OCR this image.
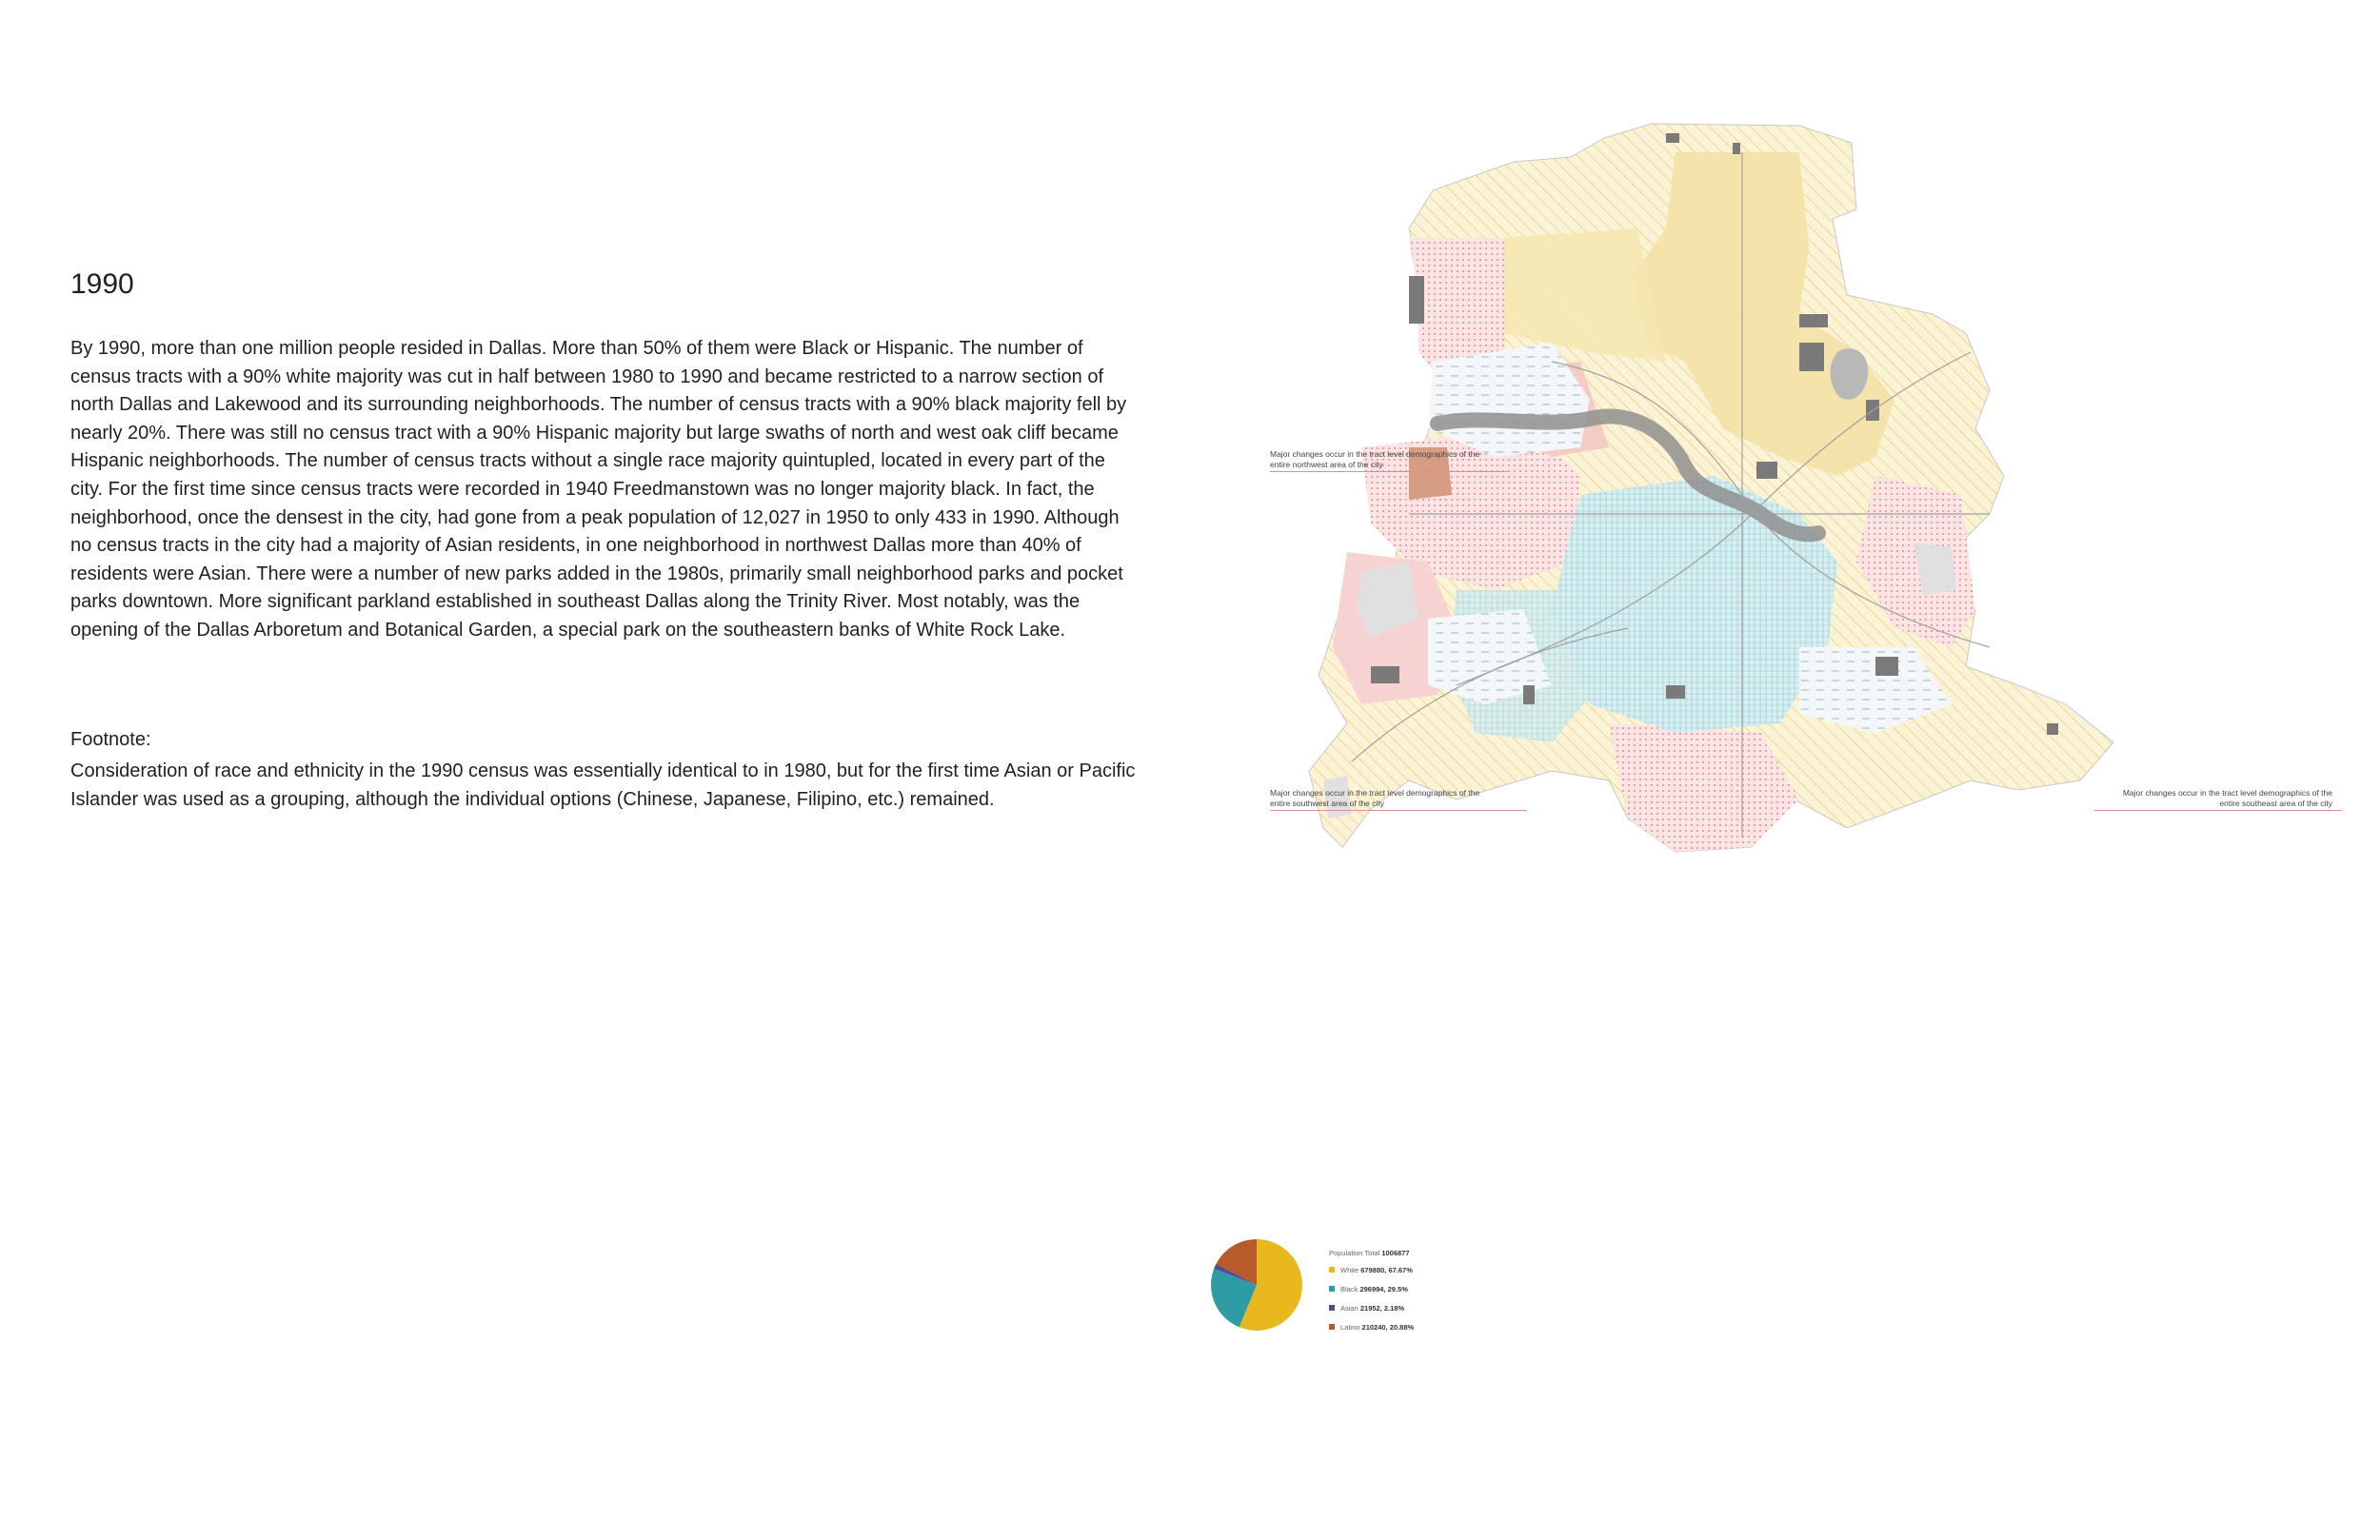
1990

By 1990, more than one million people resided in Dallas. More than 50% of them were Black or Hispanic. The number of census tracts with a 90% white majority was cut in half between 1980 to 1990 and became restricted to a narrow section of north Dallas and Lakewood and its surrounding neighborhoods. The number of census tracts with a 90% black majority fell by nearly 20%. There was still no census tract with a 90% Hispanic majority but large swaths of north and west oak cliff became Hispanic neighborhoods. The number of census tracts without a single race majority quintupled, located in every part of the city. For the first time since census tracts were recorded in 1940 Freedmanstown was no longer majority black. In fact, the neighborhood, once the densest in the city, had gone from a peak population of 12,027 in 1950 to only 433 in 1990. Although no census tracts in the city had a majority of Asian residents, in one neighborhood in northwest Dallas more than 40% of residents were Asian. There were a number of new parks added in the 1980s, primarily small neighborhood parks and pocket parks downtown. More significant parkland established in southeast Dallas along the Trinity River. Most notably, was the opening of the Dallas Arboretum and Botanical Garden, a special park on the southeastern banks of White Rock Lake.

Footnote:

Consideration of race and ethnicity in the 1990 census was essentially identical to in 1980, but for the first time Asian or Pacific Islander was used as a grouping, although the individual options (Chinese, Japanese, Filipino, etc.) remained.

Major changes occur in the tract level demographics of the entire northwest area of the city
Major changes occur in the tract level demographics of the entire southwest area of the city
Major changes occur in the tract level demographics of the entire southeast area of the city
Population Total 1006877
White
679880, 67.67%
Black
296994, 29.5%
Asian
21952, 2.18%
Latino
210240, 20.88%
